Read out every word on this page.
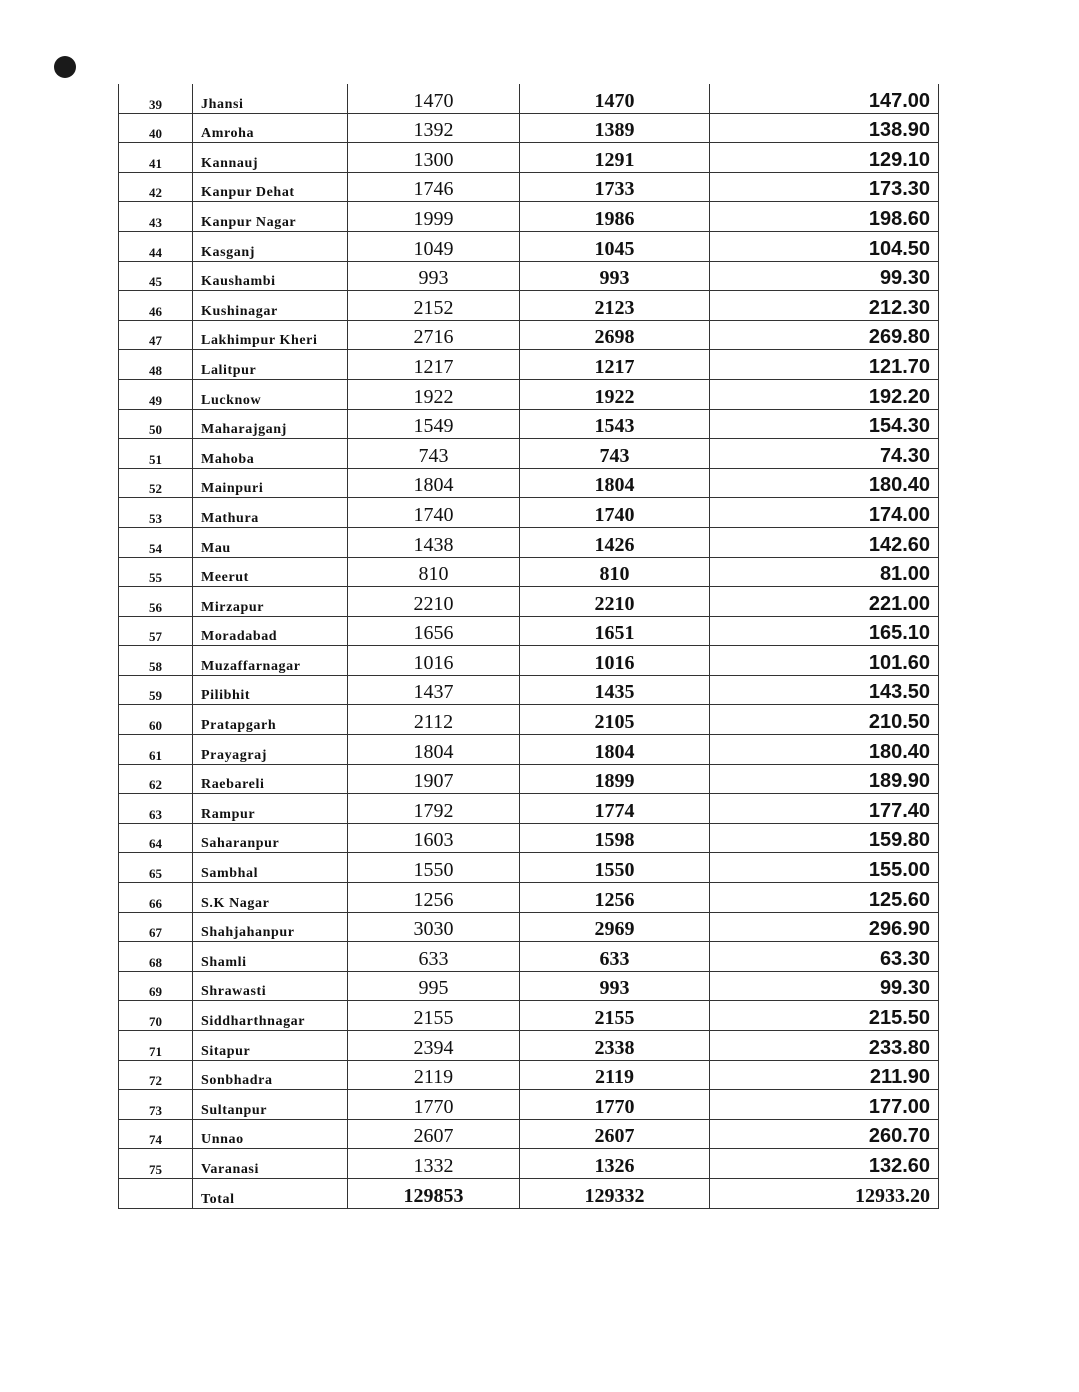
39	Jhansi	1470	1470	147.00
40	Amroha	1392	1389	138.90
41	Kannauj	1300	1291	129.10
42	Kanpur Dehat	1746	1733	173.30
43	Kanpur Nagar	1999	1986	198.60
44	Kasganj	1049	1045	104.50
45	Kaushambi	993	993	99.30
46	Kushinagar	2152	2123	212.30
47	Lakhimpur Kheri	2716	2698	269.80
48	Lalitpur	1217	1217	121.70
49	Lucknow	1922	1922	192.20
50	Maharajganj	1549	1543	154.30
51	Mahoba	743	743	74.30
52	Mainpuri	1804	1804	180.40
53	Mathura	1740	1740	174.00
54	Mau	1438	1426	142.60
55	Meerut	810	810	81.00
56	Mirzapur	2210	2210	221.00
57	Moradabad	1656	1651	165.10
58	Muzaffarnagar	1016	1016	101.60
59	Pilibhit	1437	1435	143.50
60	Pratapgarh	2112	2105	210.50
61	Prayagraj	1804	1804	180.40
62	Raebareli	1907	1899	189.90
63	Rampur	1792	1774	177.40
64	Saharanpur	1603	1598	159.80
65	Sambhal	1550	1550	155.00
66	S.K Nagar	1256	1256	125.60
67	Shahjahanpur	3030	2969	296.90
68	Shamli	633	633	63.30
69	Shrawasti	995	993	99.30
70	Siddharthnagar	2155	2155	215.50
71	Sitapur	2394	2338	233.80
72	Sonbhadra	2119	2119	211.90
73	Sultanpur	1770	1770	177.00
74	Unnao	2607	2607	260.70
75	Varanasi	1332	1326	132.60
	Total	129853	129332	12933.20
